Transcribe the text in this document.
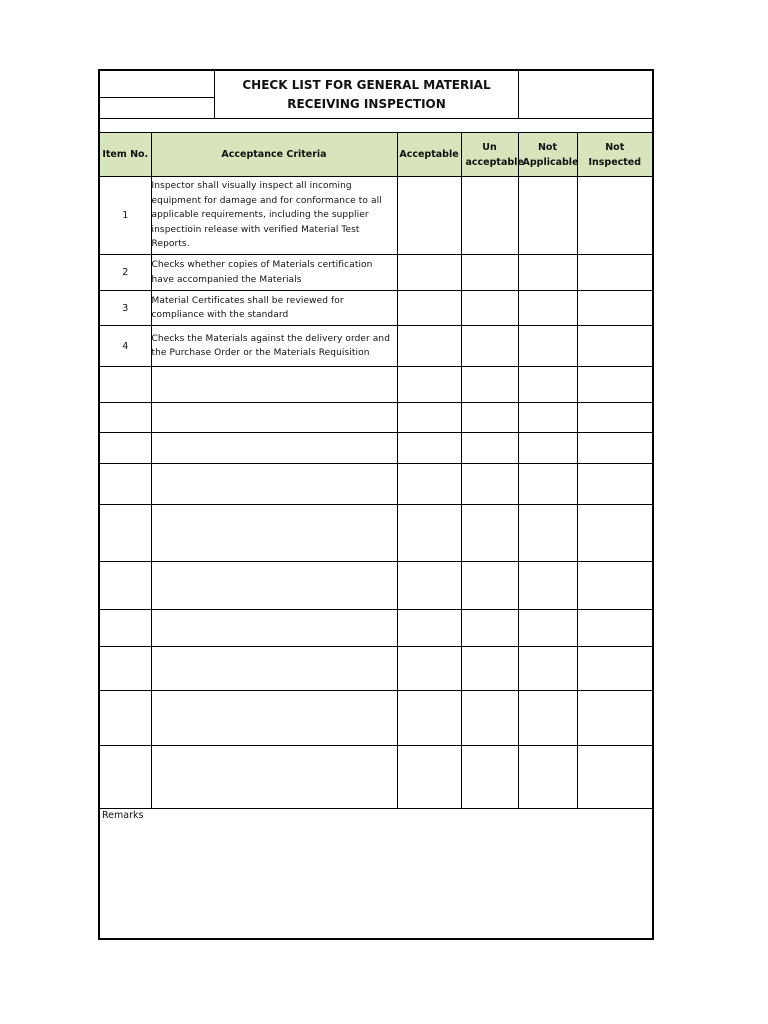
CHECK LIST FOR GENERAL MATERIAL RECEIVING INSPECTION
Item No.	Acceptance Criteria	Acceptable	Un acceptable	Not Applicable	Not Inspected
1	Inspector shall visually inspect all incoming equipment for damage and for conformance to all applicable requirements, including the supplier inspectioin release with verified Material Test Reports.				
2	Checks whether copies of Materials certification have accompanied the Materials				
3	Material Certificates shall be reviewed for compliance with the standard				
4	Checks the Materials against the delivery order and the Purchase Order or the Materials Requisition				

Remarks
